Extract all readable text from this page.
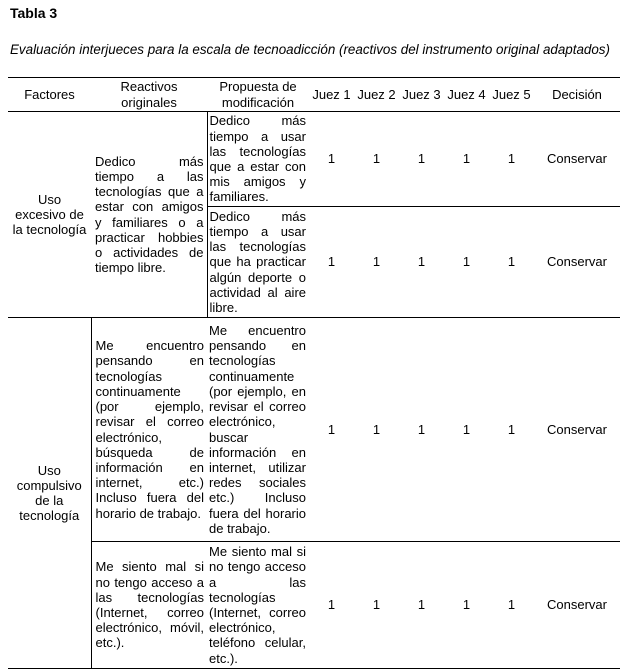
Tabla 3
Evaluación interjueces para la escala de tecnoadicción (reactivos del instrumento original adaptados)
Factores	Reactivos originales	Propuesta de modificación	Juez 1	Juez 2	Juez 3	Juez 4	Juez 5	Decisión
Uso excesivo de la tecnología	Dedico más tiempo a las tecnologías que a estar con amigos y familiares o a practicar hobbies o actividades de tiempo libre.	Dedico más tiempo a usar las tecnologías que a estar con mis amigos y familiares.	1	1	1	1	1	Conservar
		Dedico más tiempo a usar las tecnologías que ha practicar algún deporte o actividad al aire libre.	1	1	1	1	1	Conservar
Uso compulsivo de la tecnología	Me encuentro pensando en tecnologías continuamente (por ejemplo, revisar el correo electrónico, búsqueda de información en internet, etc.) Incluso fuera del horario de trabajo.	Me encuentro pensando en tecnologías continuamente (por ejemplo, en revisar el correo electrónico, buscar información en internet, utilizar redes sociales etc.) Incluso fuera del horario de trabajo.	1	1	1	1	1	Conservar
	Me siento mal si no tengo acceso a las tecnologías (Internet, correo electrónico, móvil, etc.).	Me siento mal si no tengo acceso a las tecnologías (Internet, correo electrónico, teléfono celular, etc.).	1	1	1	1	1	Conservar
